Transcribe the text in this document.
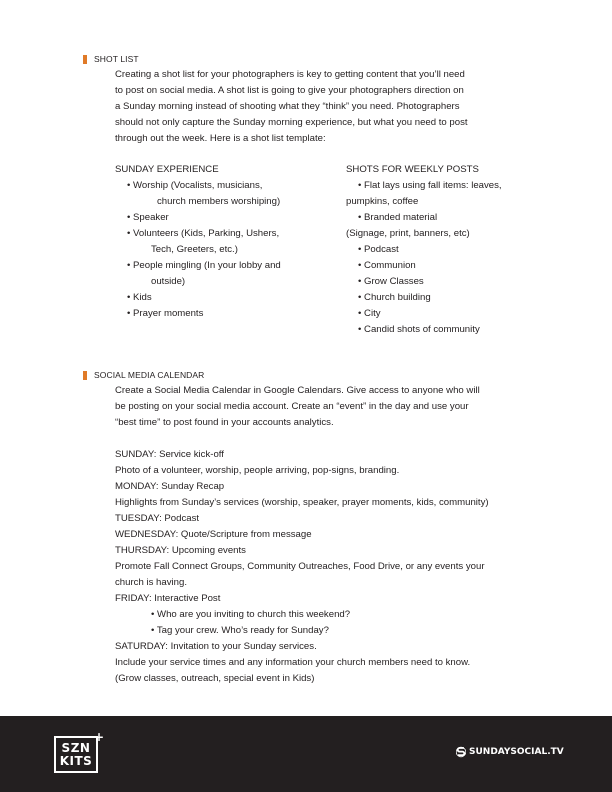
SHOT LIST
Creating a shot list for your photographers is key to getting content that you’ll need
to post on social media. A shot list is going to give your photographers direction on
a Sunday morning instead of shooting what they “think” you need. Photographers
should not only capture the Sunday morning experience, but what you need to post
through out the week. Here is a shot list template:
SUNDAY EXPERIENCE
• Worship (Vocalists, musicians,
church members worshiping)
• Speaker
• Volunteers (Kids, Parking, Ushers,
Tech, Greeters, etc.)
• People mingling (In your lobby and
outside)
• Kids
• Prayer moments
SHOTS FOR WEEKLY POSTS
• Flat lays using fall items: leaves,
pumpkins, coffee
• Branded material
(Signage, print, banners, etc)
• Podcast
• Communion
• Grow Classes
• Church building
• City
• Candid shots of community
SOCIAL MEDIA CALENDAR
Create a Social Media Calendar in Google Calendars. Give access to anyone who will
be posting on your social media account. Create an “event” in the day and use your
“best time” to post found in your accounts analytics.
SUNDAY: Service kick-off
Photo of a volunteer, worship, people arriving, pop-signs, branding.
MONDAY: Sunday Recap
Highlights from Sunday’s services (worship, speaker, prayer moments, kids, community)
TUESDAY: Podcast
WEDNESDAY: Quote/Scripture from message
THURSDAY: Upcoming events
Promote Fall Connect Groups, Community Outreaches, Food Drive, or any events your
church is having.
FRIDAY: Interactive Post
• Who are you inviting to church this weekend?
• Tag your crew. Who’s ready for Sunday?
SATURDAY: Invitation to your Sunday services.
Include your service times and any information your church members need to know.
(Grow classes, outreach, special event in Kids)
SZN
KITS
+
SUNDAYSOCIAL.TV
